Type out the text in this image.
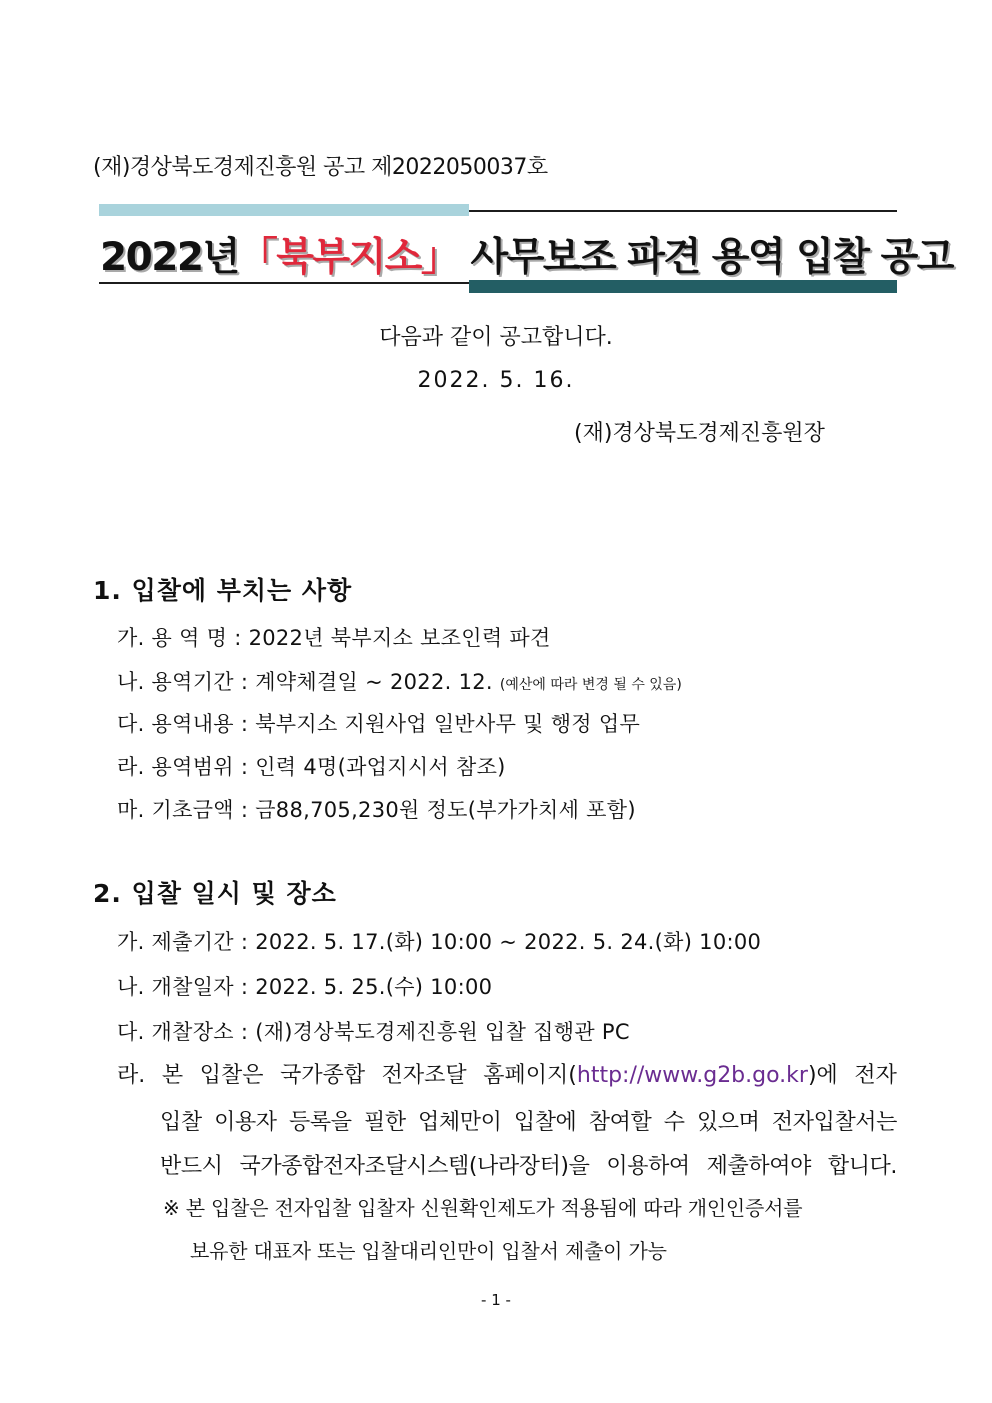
(재)경상북도경제진흥원 공고 제2022050037호
2022년「북부지소」 사무보조 파견 용역 입찰 공고
다음과 같이 공고합니다.
2022. 5. 16.
(재)경상북도경제진흥원장
1. 입찰에 부치는 사항
가. 용 역 명 : 2022년 북부지소 보조인력 파견
나. 용역기간 : 계약체결일 ~ 2022. 12. (예산에 따라 변경 될 수 있음)
다. 용역내용 : 북부지소 지원사업 일반사무 및 행정 업무
라. 용역범위 : 인력 4명(과업지시서 참조)
마. 기초금액 : 금88,705,230원 정도(부가가치세 포함)
2. 입찰 일시 및 장소
가. 제출기간 : 2022. 5. 17.(화) 10:00 ~ 2022. 5. 24.(화) 10:00
나. 개찰일자 : 2022. 5. 25.(수) 10:00
다. 개찰장소 : (재)경상북도경제진흥원 입찰 집행관 PC
라. 본 입찰은 국가종합 전자조달 홈페이지(http://www.g2b.go.kr)에 전자
입찰 이용자 등록을 필한 업체만이 입찰에 참여할 수 있으며 전자입찰서는
반드시 국가종합전자조달시스템(나라장터)을 이용하여 제출하여야 합니다.
※ 본 입찰은 전자입찰 입찰자 신원확인제도가 적용됨에 따라 개인인증서를
보유한 대표자 또는 입찰대리인만이 입찰서 제출이 가능
- 1 -
